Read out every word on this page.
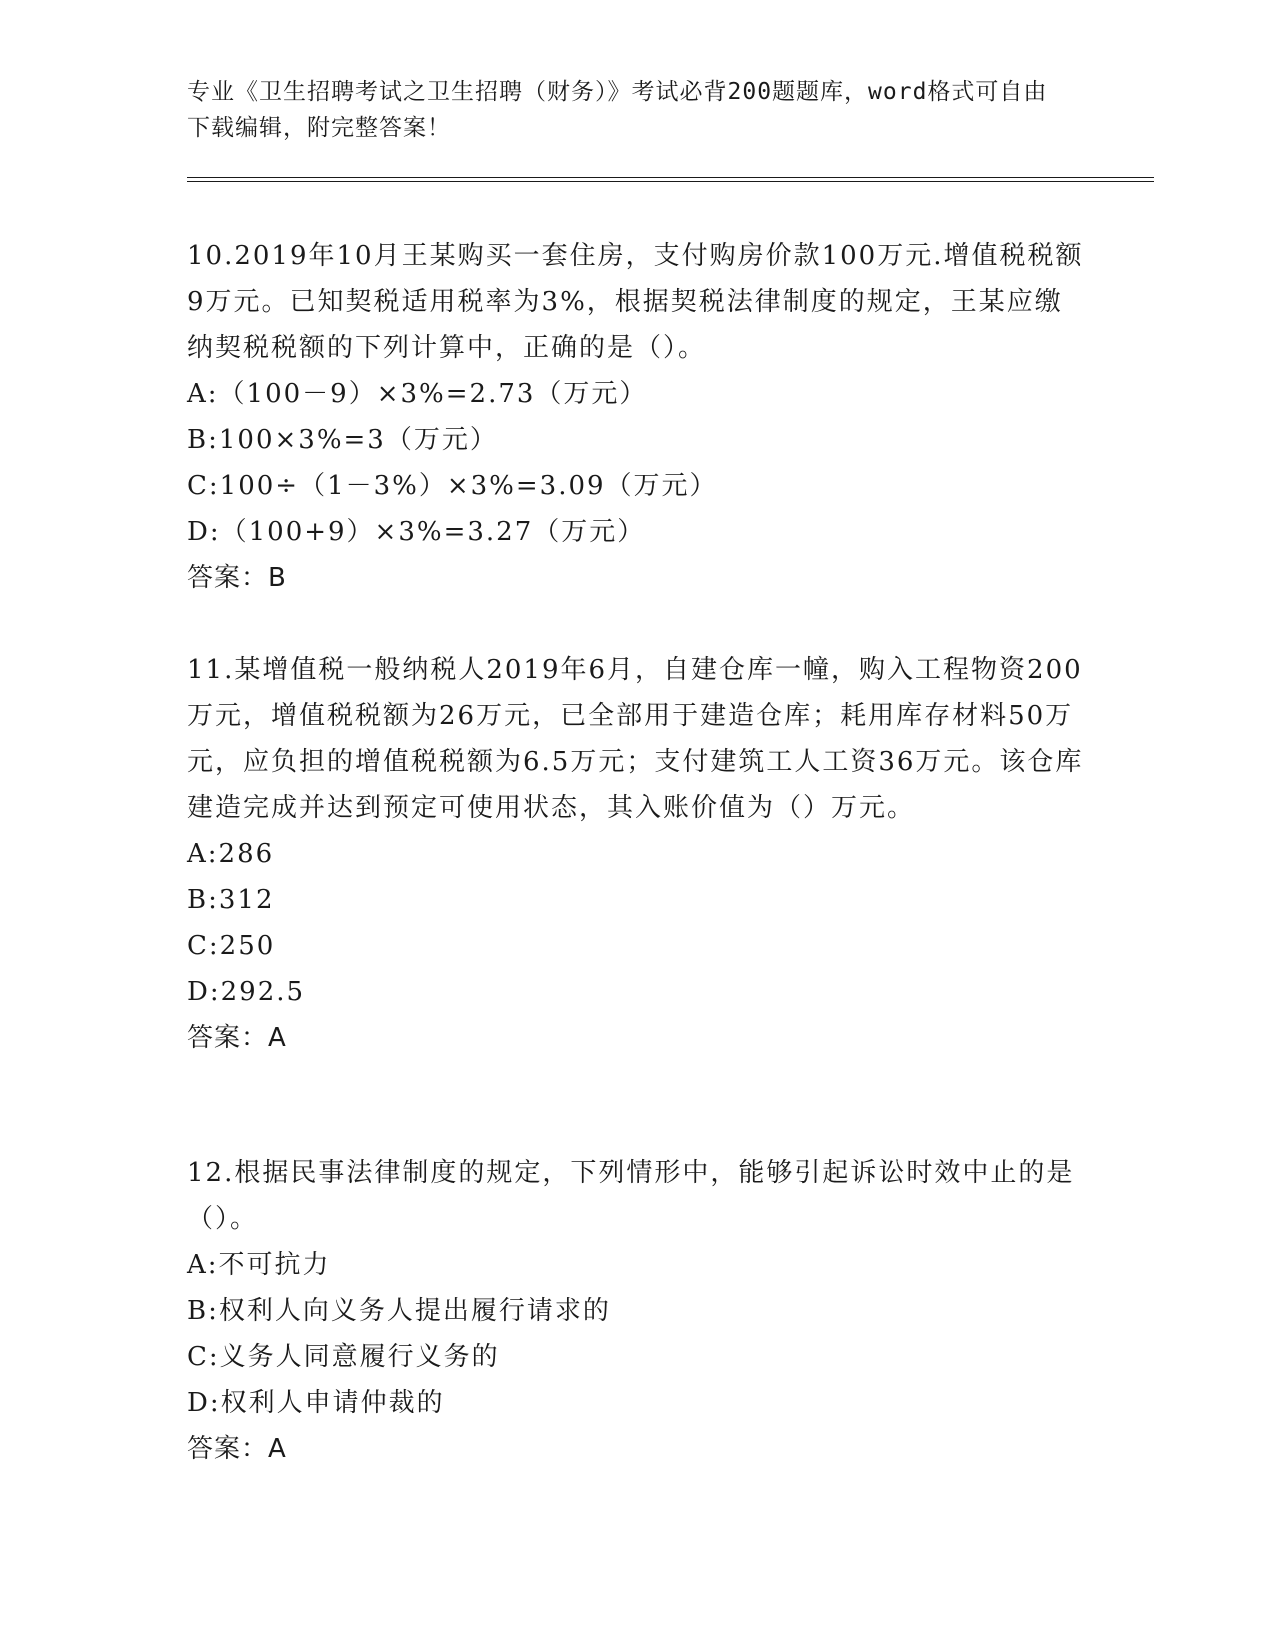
专业《卫生招聘考试之卫生招聘（财务）》考试必背200题题库，word格式可自由下载编辑，附完整答案！

10.2019年10月王某购买一套住房，支付购房价款100万元.增值税税额9万元。已知契税适用税率为3%，根据契税法律制度的规定，王某应缴纳契税税额的下列计算中，正确的是（）。

A:（100－9）×3%=2.73（万元）

B:100×3%=3（万元）

C:100÷（1－3%）×3%=3.09（万元）

D:（100+9）×3%=3.27（万元）

答案：B

11.某增值税一般纳税人2019年6月，自建仓库一幢，购入工程物资200万元，增值税税额为26万元，已全部用于建造仓库；耗用库存材料50万元，应负担的增值税税额为6.5万元；支付建筑工人工资36万元。该仓库建造完成并达到预定可使用状态，其入账价值为（）万元。

A:286

B:312

C:250

D:292.5

答案：A

12.根据民事法律制度的规定，下列情形中，能够引起诉讼时效中止的是（）。

A:不可抗力

B:权利人向义务人提出履行请求的

C:义务人同意履行义务的

D:权利人申请仲裁的

答案：A
